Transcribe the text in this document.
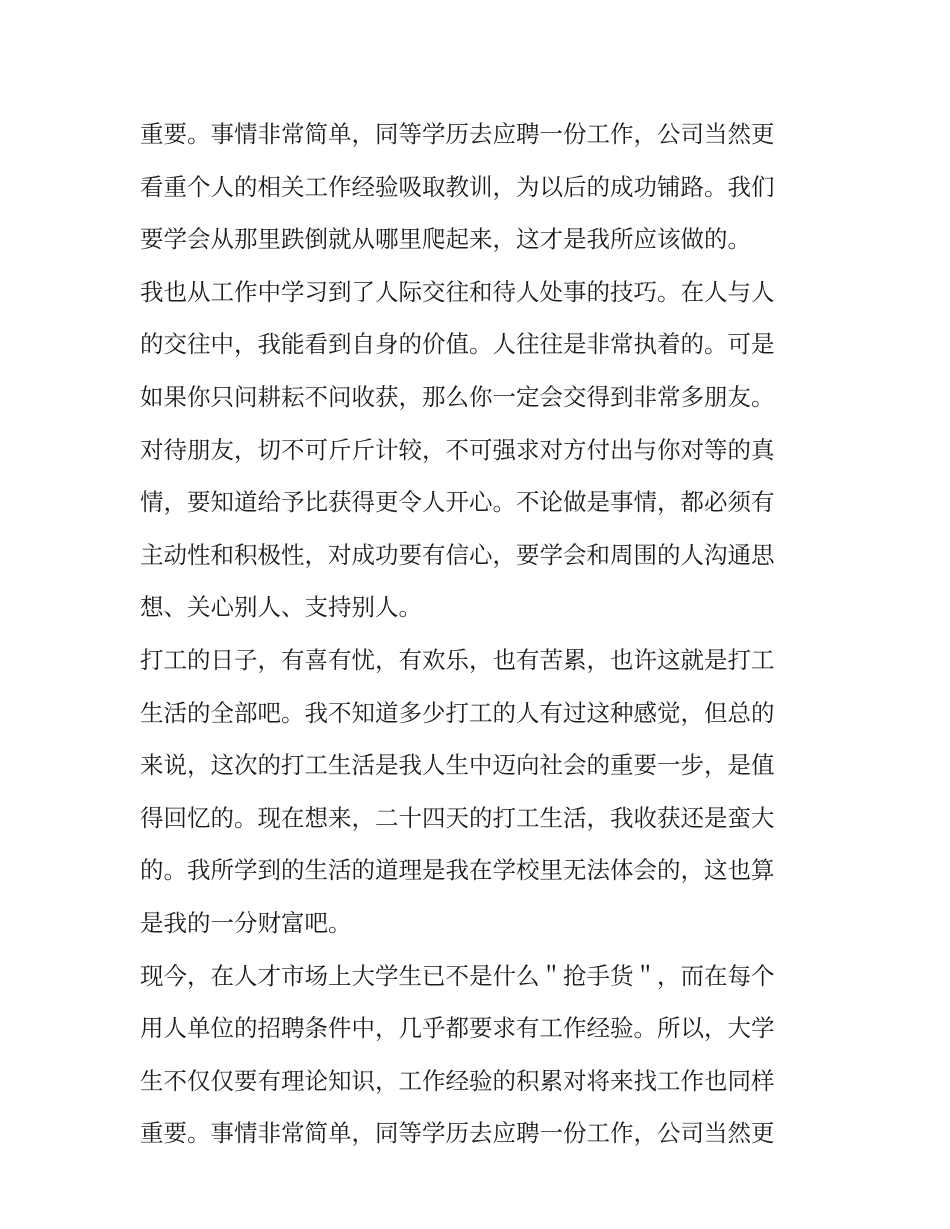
重要。事情非常简单，同等学历去应聘一份工作，公司当然更
看重个人的相关工作经验吸取教训，为以后的成功铺路。我们
要学会从那里跌倒就从哪里爬起来，这才是我所应该做的。
我也从工作中学习到了人际交往和待人处事的技巧。在人与人
的交往中，我能看到自身的价值。人往往是非常执着的。可是
如果你只问耕耘不问收获，那么你一定会交得到非常多朋友。
对待朋友，切不可斤斤计较，不可强求对方付出与你对等的真
情，要知道给予比获得更令人开心。不论做是事情，都必须有
主动性和积极性，对成功要有信心，要学会和周围的人沟通思
想、关心别人、支持别人。
打工的日子，有喜有忧，有欢乐，也有苦累，也许这就是打工
生活的全部吧。我不知道多少打工的人有过这种感觉，但总的
来说，这次的打工生活是我人生中迈向社会的重要一步，是值
得回忆的。现在想来，二十四天的打工生活，我收获还是蛮大
的。我所学到的生活的道理是我在学校里无法体会的，这也算
是我的一分财富吧。
现今，在人才市场上大学生已不是什么＂抢手货＂，而在每个
用人单位的招聘条件中，几乎都要求有工作经验。所以，大学
生不仅仅要有理论知识，工作经验的积累对将来找工作也同样
重要。事情非常简单，同等学历去应聘一份工作，公司当然更
